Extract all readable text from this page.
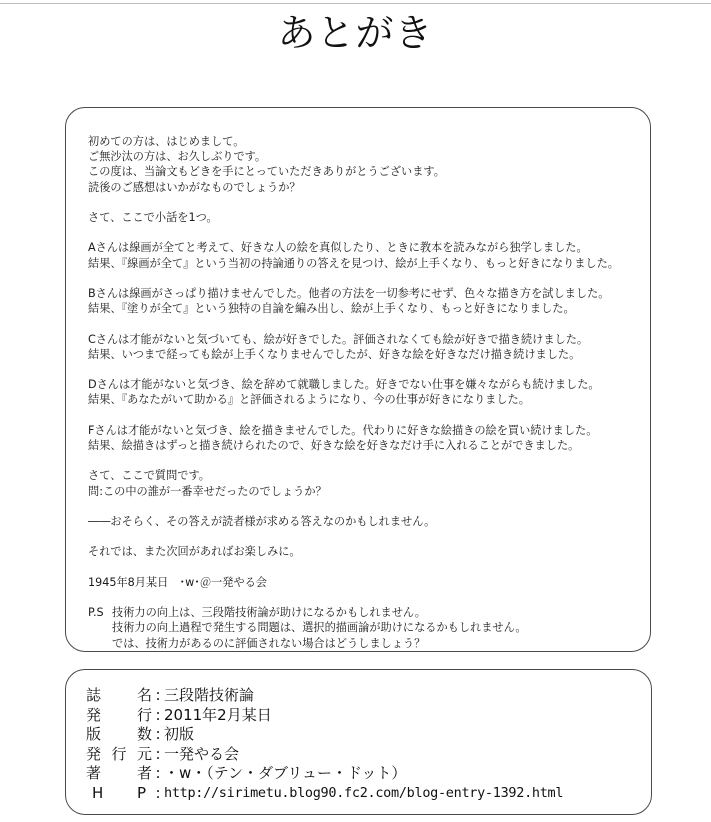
あとがき

初めての方は、はじめまして。
ご無沙汰の方は、お久しぶりです。
この度は、当論文もどきを手にとっていただきありがとうございます。
読後のご感想はいかがなものでしょうか？

さて、ここで小話を1つ。

Aさんは線画が全てと考えて、好きな人の絵を真似したり、ときに教本を読みながら独学しました。
結果、『線画が全て』という当初の持論通りの答えを見つけ、絵が上手くなり、もっと好きになりました。

Bさんは線画がさっぱり描けませんでした。他者の方法を一切参考にせず、色々な描き方を試しました。
結果、『塗りが全て』という独特の自論を編み出し、絵が上手くなり、もっと好きになりました。

Cさんは才能がないと気づいても、絵が好きでした。評価されなくても絵が好きで描き続けました。
結果、いつまで経っても絵が上手くなりませんでしたが、好きな絵を好きなだけ描き続けました。

Dさんは才能がないと気づき、絵を辞めて就職しました。好きでない仕事を嫌々ながらも続けました。
結果、『あなたがいて助かる』と評価されるようになり、今の仕事が好きになりました。

Fさんは才能がないと気づき、絵を描きませんでした。代わりに好きな絵描きの絵を買い続けました。
結果、絵描きはずっと描き続けられたので、好きな絵を好きなだけ手に入れることができました。

さて、ここで質問です。
問:この中の誰が一番幸せだったのでしょうか？

――おそらく、その答えが読者様が求める答えなのかもしれません。

それでは、また次回があればお楽しみに。

1945年8月某日　･w･＠一発やる会

P.S 技術力の向上は、三段階技術論が助けになるかもしれません。
技術力の向上過程で発生する問題は、選択的描画論が助けになるかもしれません。
では、技術力があるのに評価されない場合はどうしましょう？
誌 名 : 三段階技術論
発 行 : 2011年2月某日
版 数 : 初版
発 行 元 : 一発やる会
著 者 : ・w・（テン・ダブリュー・ドット）
H P : http://sirimetu.blog90.fc2.com/blog-entry-1392.html
